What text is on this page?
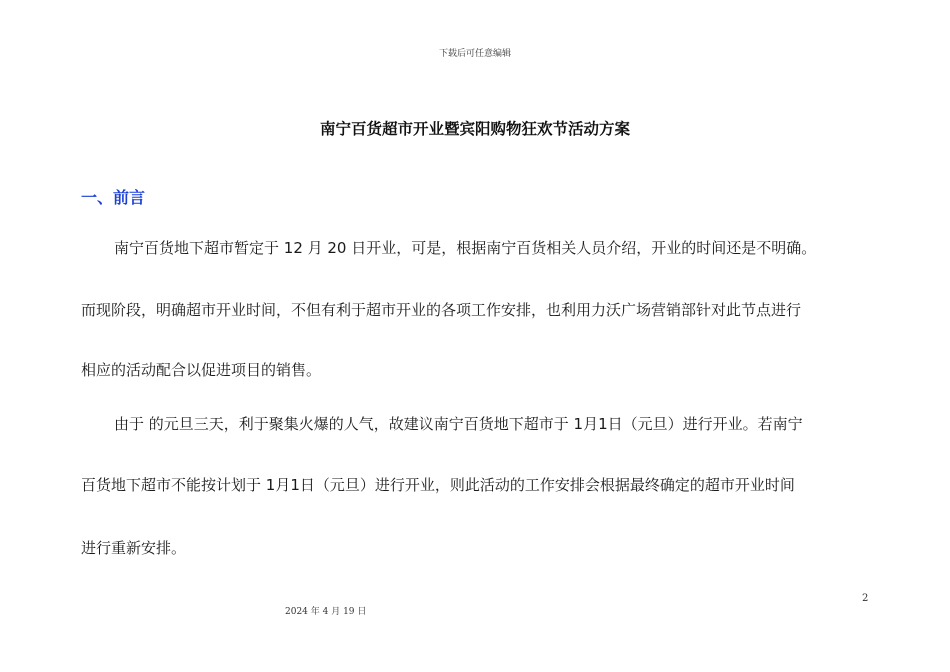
下载后可任意编辑
南宁百货超市开业暨宾阳购物狂欢节活动方案
一、前言
南宁百货地下超市暂定于 12 月 20 日开业，可是，根据南宁百货相关人员介绍，开业的时间还是不明确。
而现阶段，明确超市开业时间，不但有利于超市开业的各项工作安排，也利用力沃广场营销部针对此节点进行
相应的活动配合以促进项目的销售。
由于 的元旦三天，利于聚集火爆的人气，故建议南宁百货地下超市于 1月1日（元旦）进行开业。若南宁
百货地下超市不能按计划于 1月1日（元旦）进行开业，则此活动的工作安排会根据最终确定的超市开业时间
进行重新安排。
2
2024 年 4 月 19 日
